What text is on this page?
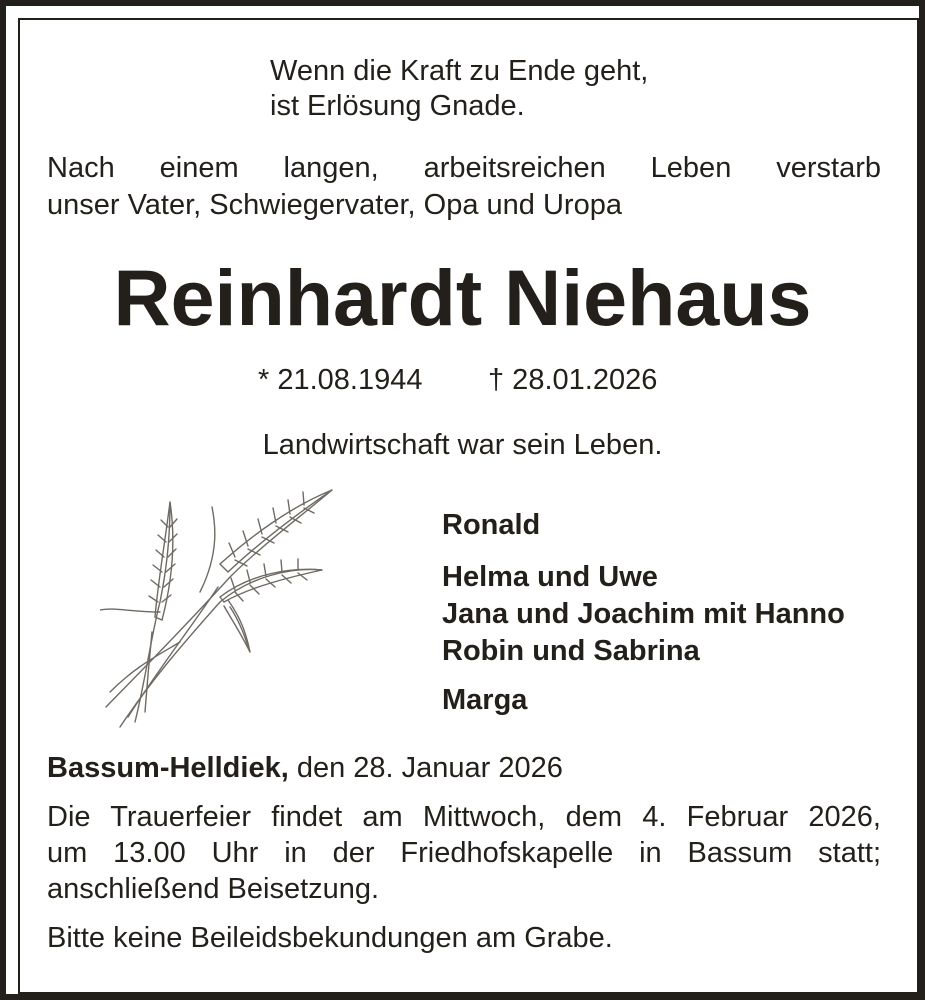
Wenn die Kraft zu Ende geht,
ist Erlösung Gnade.
Nach einem langen, arbeitsreichen Leben verstarb
unser Vater, Schwiegervater, Opa und Uropa
Reinhardt Niehaus
* 21.08.1944 † 28.01.2026
Landwirtschaft war sein Leben.
Ronald
Helma und Uwe
Jana und Joachim mit Hanno
Robin und Sabrina
Marga
Bassum-Helldiek, den 28. Januar 2026
Die Trauerfeier findet am Mittwoch, dem 4. Februar 2026,
um 13.00 Uhr in der Friedhofskapelle in Bassum statt;
anschließend Beisetzung.
Bitte keine Beileidsbekundungen am Grabe.
